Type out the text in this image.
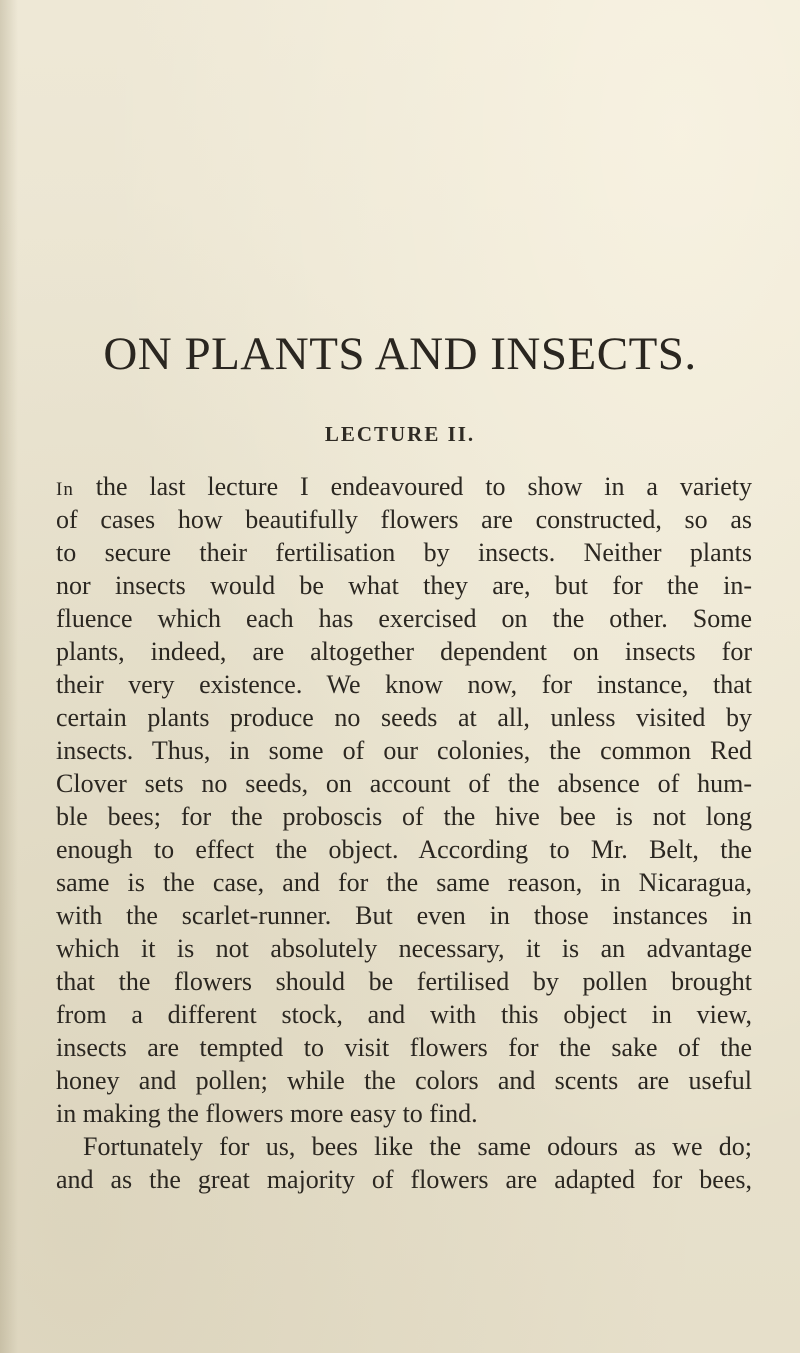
ON PLANTS AND INSECTS.
LECTURE II.
In the last lecture I endeavoured to show in a variety
of cases how beautifully flowers are constructed, so as
to secure their fertilisation by insects. Neither plants
nor insects would be what they are, but for the in-
fluence which each has exercised on the other. Some
plants, indeed, are altogether dependent on insects for
their very existence. We know now, for instance, that
certain plants produce no seeds at all, unless visited by
insects. Thus, in some of our colonies, the common Red
Clover sets no seeds, on account of the absence of hum-
ble bees; for the proboscis of the hive bee is not long
enough to effect the object. According to Mr. Belt, the
same is the case, and for the same reason, in Nicaragua,
with the scarlet-runner. But even in those instances in
which it is not absolutely necessary, it is an advantage
that the flowers should be fertilised by pollen brought
from a different stock, and with this object in view,
insects are tempted to visit flowers for the sake of the
honey and pollen; while the colors and scents are useful
in making the flowers more easy to find.
Fortunately for us, bees like the same odours as we do;
and as the great majority of flowers are adapted for bees,
